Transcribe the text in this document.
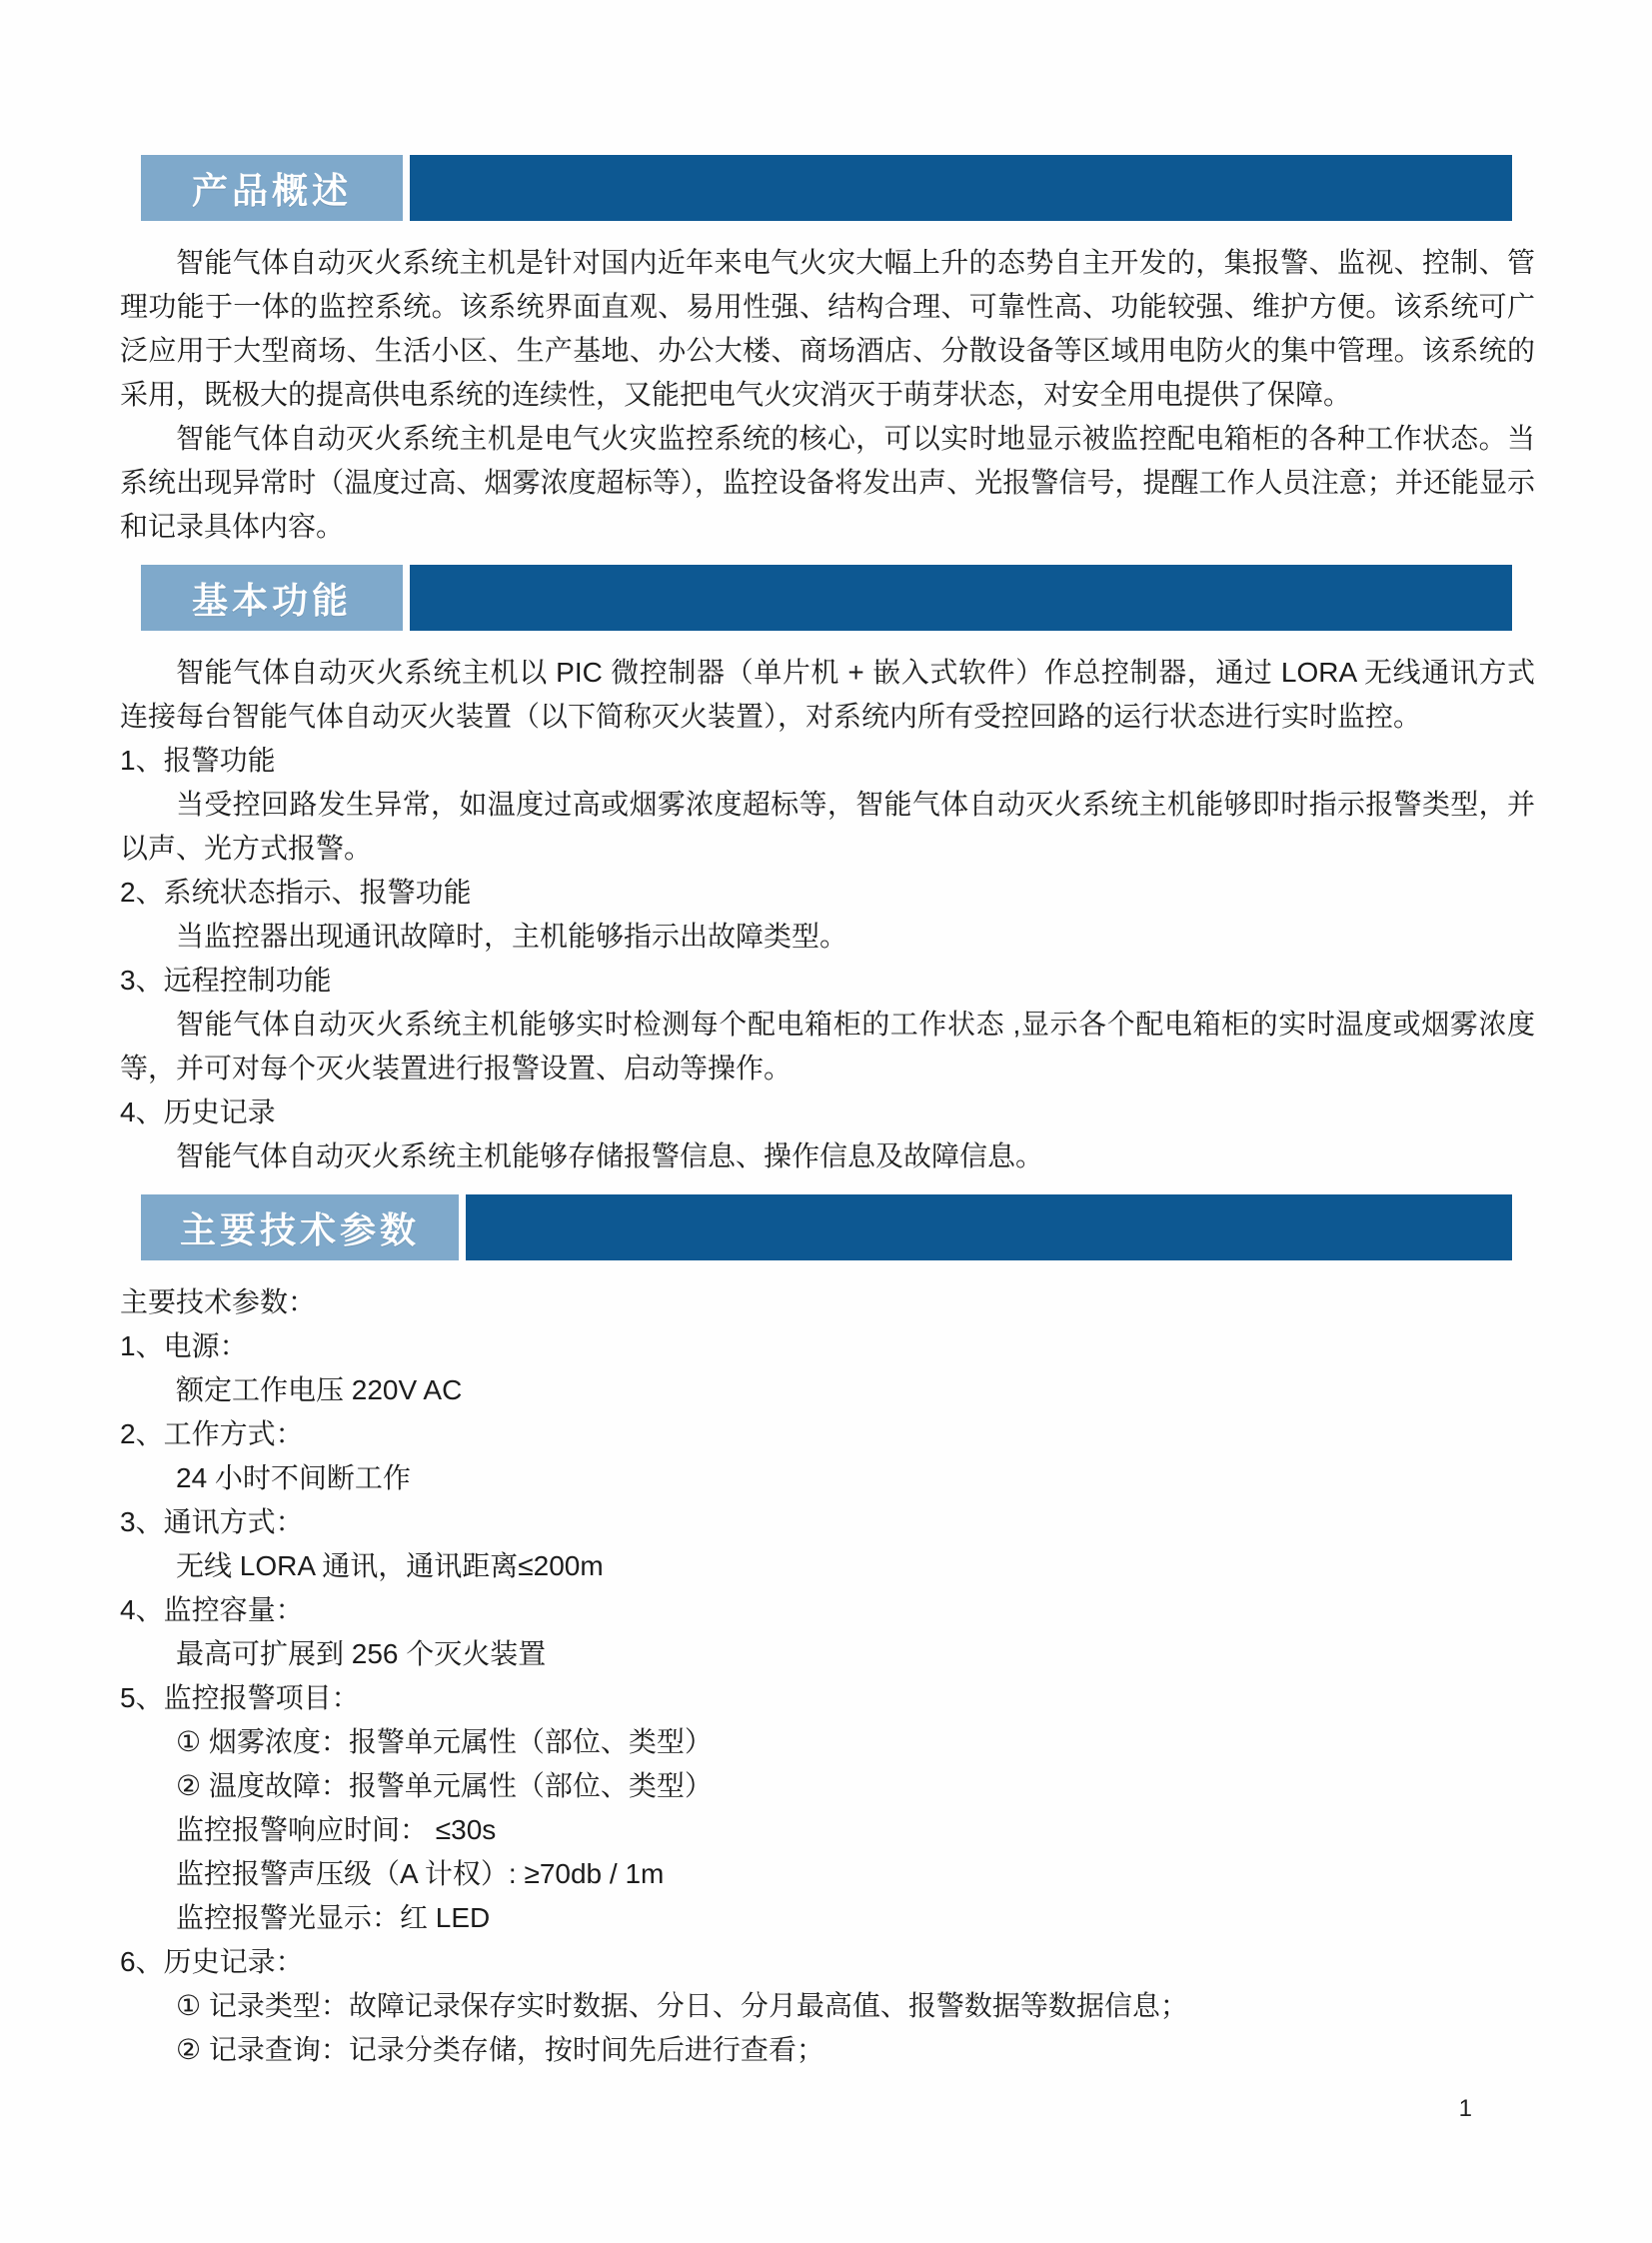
产品概述

智能气体自动灭火系统主机是针对国内近年来电气火灾大幅上升的态势自主开发的，集报警、监视、控制、管理功能于一体的监控系统。该系统界面直观、易用性强、结构合理、可靠性高、功能较强、维护方便。该系统可广泛应用于大型商场、生活小区、生产基地、办公大楼、商场酒店、分散设备等区域用电防火的集中管理。该系统的采用，既极大的提高供电系统的连续性，又能把电气火灾消灭于萌芽状态，对安全用电提供了保障。

智能气体自动灭火系统主机是电气火灾监控系统的核心，可以实时地显示被监控配电箱柜的各种工作状态。当系统出现异常时（温度过高、烟雾浓度超标等），监控设备将发出声、光报警信号，提醒工作人员注意；并还能显示和记录具体内容。

基本功能

智能气体自动灭火系统主机以 PIC 微控制器（单片机 + 嵌入式软件）作总控制器，通过 LORA 无线通讯方式连接每台智能气体自动灭火装置（以下简称灭火装置），对系统内所有受控回路的运行状态进行实时监控。

1、报警功能

当受控回路发生异常，如温度过高或烟雾浓度超标等，智能气体自动灭火系统主机能够即时指示报警类型，并以声、光方式报警。

2、系统状态指示、报警功能

当监控器出现通讯故障时，主机能够指示出故障类型。

3、远程控制功能

智能气体自动灭火系统主机能够实时检测每个配电箱柜的工作状态 ,显示各个配电箱柜的实时温度或烟雾浓度等，并可对每个灭火装置进行报警设置、启动等操作。

4、历史记录

智能气体自动灭火系统主机能够存储报警信息、操作信息及故障信息。

主要技术参数

主要技术参数：

1、电源：

额定工作电压 220V AC

2、工作方式：

24 小时不间断工作

3、通讯方式：

无线 LORA 通讯，通讯距离≤200m

4、监控容量：

最高可扩展到 256 个灭火装置

5、监控报警项目：

① 烟雾浓度：报警单元属性（部位、类型）

② 温度故障：报警单元属性（部位、类型）

监控报警响应时间： ≤30s

监控报警声压级（A 计权）: ≥70db / 1m

监控报警光显示：红 LED

6、历史记录：

① 记录类型：故障记录保存实时数据、分日、分月最高值、报警数据等数据信息；

② 记录查询：记录分类存储，按时间先后进行查看；

1
